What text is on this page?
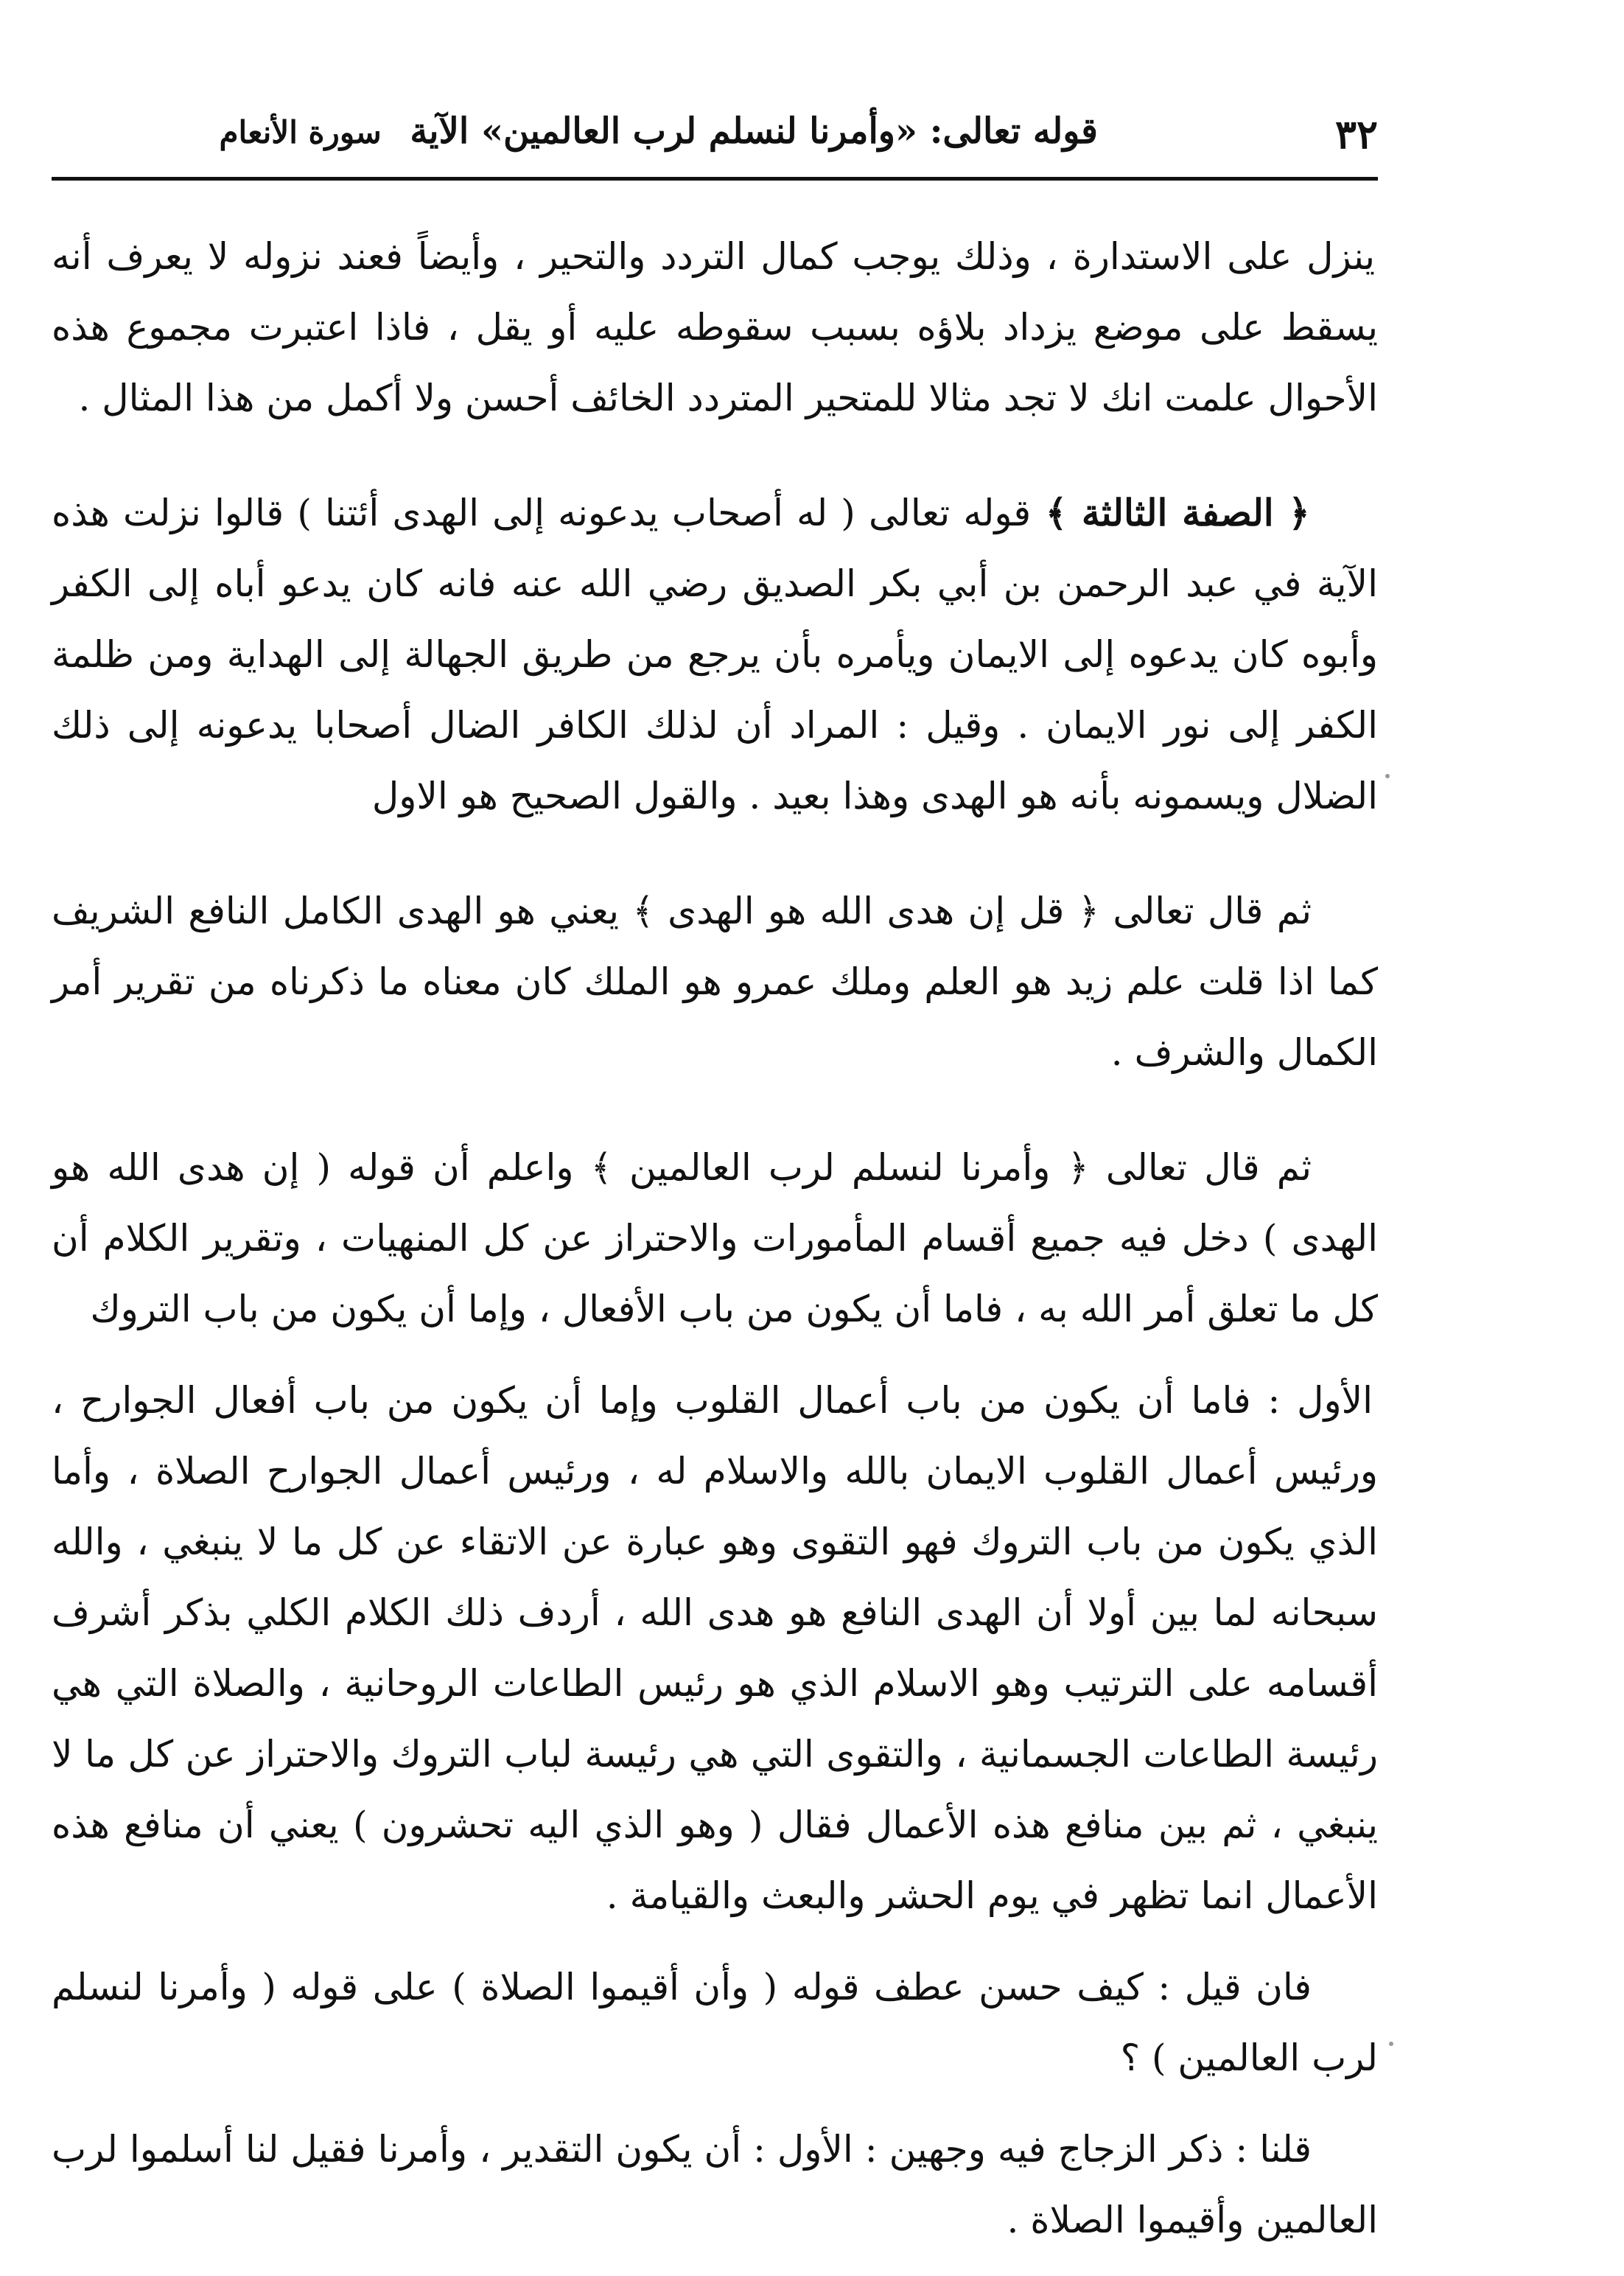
٣٢
قوله تعالى: «وأمرنا لنسلم لرب العالمين» الآية سورة الأنعام

ينزل على الاستدارة ، وذلك يوجب كمال التردد والتحير ، وأيضاً فعند نزوله لا يعرف أنه يسقط على موضع يزداد بلاؤه بسبب سقوطه عليه أو يقل ، فاذا اعتبرت مجموع هذه الأحوال علمت انك لا تجد مثالا للمتحير المتردد الخائف أحسن ولا أكمل من هذا المثال .

﴿ الصفة الثالثة ﴾ قوله تعالى ( له أصحاب يدعونه إلى الهدى أئتنا ) قالوا نزلت هذه الآية في عبد الرحمن بن أبي بكر الصديق رضي الله عنه فانه كان يدعو أباه إلى الكفر وأبوه كان يدعوه إلى الايمان ويأمره بأن يرجع من طريق الجهالة إلى الهداية ومن ظلمة الكفر إلى نور الايمان . وقيل : المراد أن لذلك الكافر الضال أصحابا يدعونه إلى ذلك الضلال ويسمونه بأنه هو الهدى وهذا بعيد . والقول الصحيح هو الاول

ثم قال تعالى ﴿ قل إن هدى الله هو الهدى ﴾ يعني هو الهدى الكامل النافع الشريف كما اذا قلت علم زيد هو العلم وملك عمرو هو الملك كان معناه ما ذكرناه من تقرير أمر الكمال والشرف .

ثم قال تعالى ﴿ وأمرنا لنسلم لرب العالمين ﴾ واعلم أن قوله ( إن هدى الله هو الهدى ) دخل فيه جميع أقسام المأمورات والاحتراز عن كل المنهيات ، وتقرير الكلام أن كل ما تعلق أمر الله به ، فاما أن يكون من باب الأفعال ، وإما أن يكون من باب التروك

الأول : فاما أن يكون من باب أعمال القلوب وإما أن يكون من باب أفعال الجوارح ، ورئيس أعمال القلوب الايمان بالله والاسلام له ، ورئيس أعمال الجوارح الصلاة ، وأما الذي يكون من باب التروك فهو التقوى وهو عبارة عن الاتقاء عن كل ما لا ينبغي ، والله سبحانه لما بين أولا أن الهدى النافع هو هدى الله ، أردف ذلك الكلام الكلي بذكر أشرف أقسامه على الترتيب وهو الاسلام الذي هو رئيس الطاعات الروحانية ، والصلاة التي هي رئيسة الطاعات الجسمانية ، والتقوى التي هي رئيسة لباب التروك والاحتراز عن كل ما لا ينبغي ، ثم بين منافع هذه الأعمال فقال ( وهو الذي اليه تحشرون ) يعني أن منافع هذه الأعمال انما تظهر في يوم الحشر والبعث والقيامة .

فان قيل : كيف حسن عطف قوله ( وأن أقيموا الصلاة ) على قوله ( وأمرنا لنسلم لرب العالمين ) ؟

قلنا : ذكر الزجاج فيه وجهين : الأول : أن يكون التقدير ، وأمرنا فقيل لنا أسلموا لرب العالمين وأقيموا الصلاة .
